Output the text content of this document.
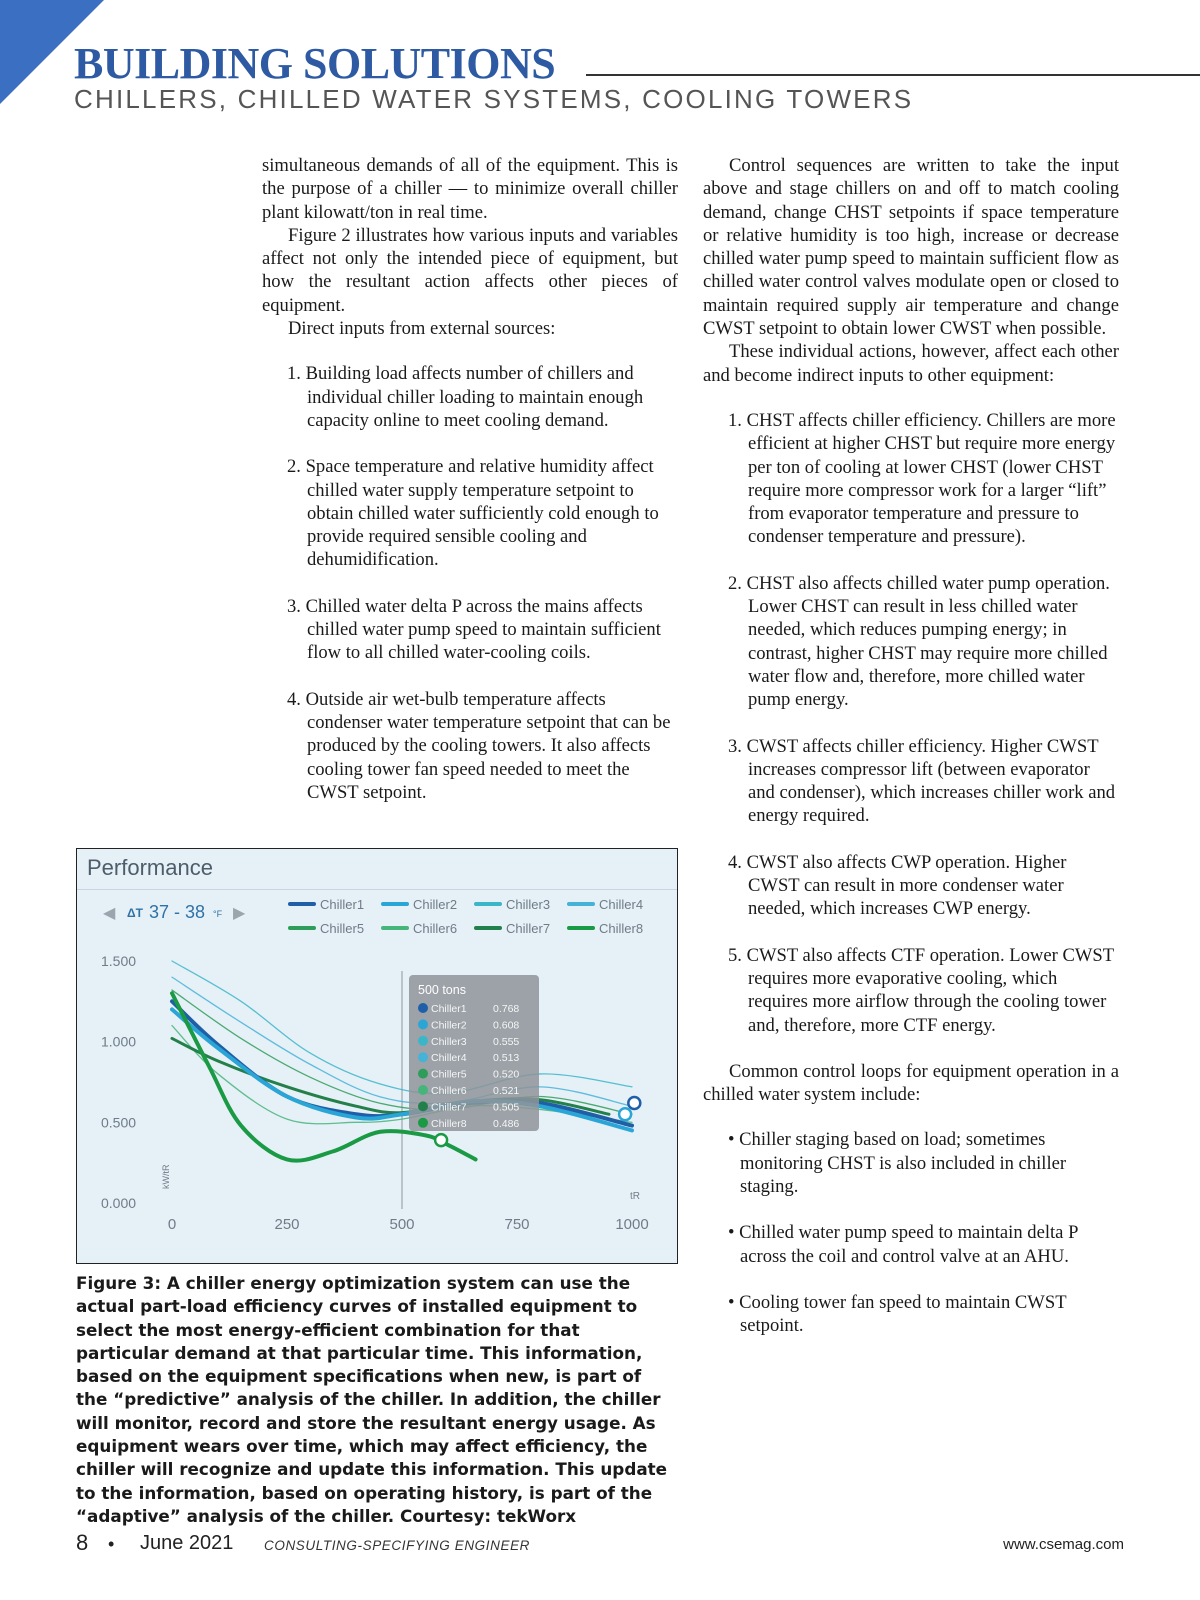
BUILDING SOLUTIONS
CHILLERS, CHILLED WATER SYSTEMS, COOLING TOWERS

simultaneous demands of all of the equipment. This is the purpose of a chiller — to minimize overall chiller plant kilowatt/ton in real time.

Figure 2 illustrates how various inputs and variables affect not only the intended piece of equipment, but how the resultant action affects other pieces of equipment.

Direct inputs from external sources:

1. Building load affects number of chillers and individual chiller loading to maintain enough capacity online to meet cooling demand.
2. Space temperature and relative humidity affect chilled water supply temperature setpoint to obtain chilled water sufficiently cold enough to provide required sensible cooling and dehumidification.
3. Chilled water delta P across the mains affects chilled water pump speed to maintain sufficient flow to all chilled water-cooling coils.
4. Outside air wet-bulb temperature affects condenser water temperature setpoint that can be produced by the cooling towers. It also affects cooling tower fan speed needed to meet the CWST setpoint.

Control sequences are written to take the input above and stage chillers on and off to match cooling demand, change CHST setpoints if space temperature or relative humidity is too high, increase or decrease chilled water pump speed to maintain sufficient flow as chilled water control valves modulate open or closed to maintain required supply air temperature and change CWST setpoint to obtain lower CWST when possible.

These individual actions, however, affect each other and become indirect inputs to other equipment:

1. CHST affects chiller efficiency. Chillers are more efficient at higher CHST but require more energy per ton of cooling at lower CHST (lower CHST require more compressor work for a larger “lift” from evaporator temperature and pressure to condenser temperature and pressure).
2. CHST also affects chilled water pump operation. Lower CHST can result in less chilled water needed, which reduces pumping energy; in contrast, higher CHST may require more chilled water flow and, therefore, more chilled water pump energy.
3. CWST affects chiller efficiency. Higher CWST increases compressor lift (between evaporator and condenser), which increases chiller work and energy required.
4. CWST also affects CWP operation. Higher CWST can result in more condenser water needed, which increases CWP energy.
5. CWST also affects CTF operation. Lower CWST requires more evaporative cooling, which requires more airflow through the cooling tower and, therefore, more CTF energy.

Common control loops for equipment operation in a chilled water system include:

• Chiller staging based on load; sometimes monitoring CHST is also included in chiller staging.
• Chilled water pump speed to maintain delta P across the coil and control valve at an AHU.
• Cooling tower fan speed to maintain CWST setpoint.
Performance
◀ ΔT 37 - 38 °F ▶
Chiller1	Chiller2	Chiller3	Chiller4
Chiller5	Chiller6	Chiller7	Chiller8
0.000
0.500
1.000
1.500
0	250	500	750	1000
kW/tR
tR
500 tons
Chiller1	0.768
Chiller2	0.608
Chiller3	0.555
Chiller4	0.513
Chiller5	0.520
Chiller6	0.521
Chiller7	0.505
Chiller8	0.486
Figure 3: A chiller energy optimization system can use the actual part-load efficiency curves of installed equipment to select the most energy-efficient combination for that particular demand at that particular time. This information, based on the equipment specifications when new, is part of the “predictive” analysis of the chiller. In addition, the chiller will monitor, record and store the resultant energy usage. As equipment wears over time, which may affect efficiency, the chiller will recognize and update this information. This update to the information, based on operating history, is part of the “adaptive” analysis of the chiller. Courtesy: tekWorx
8 • June 2021 CONSULTING-SPECIFYING ENGINEER	www.csemag.com
